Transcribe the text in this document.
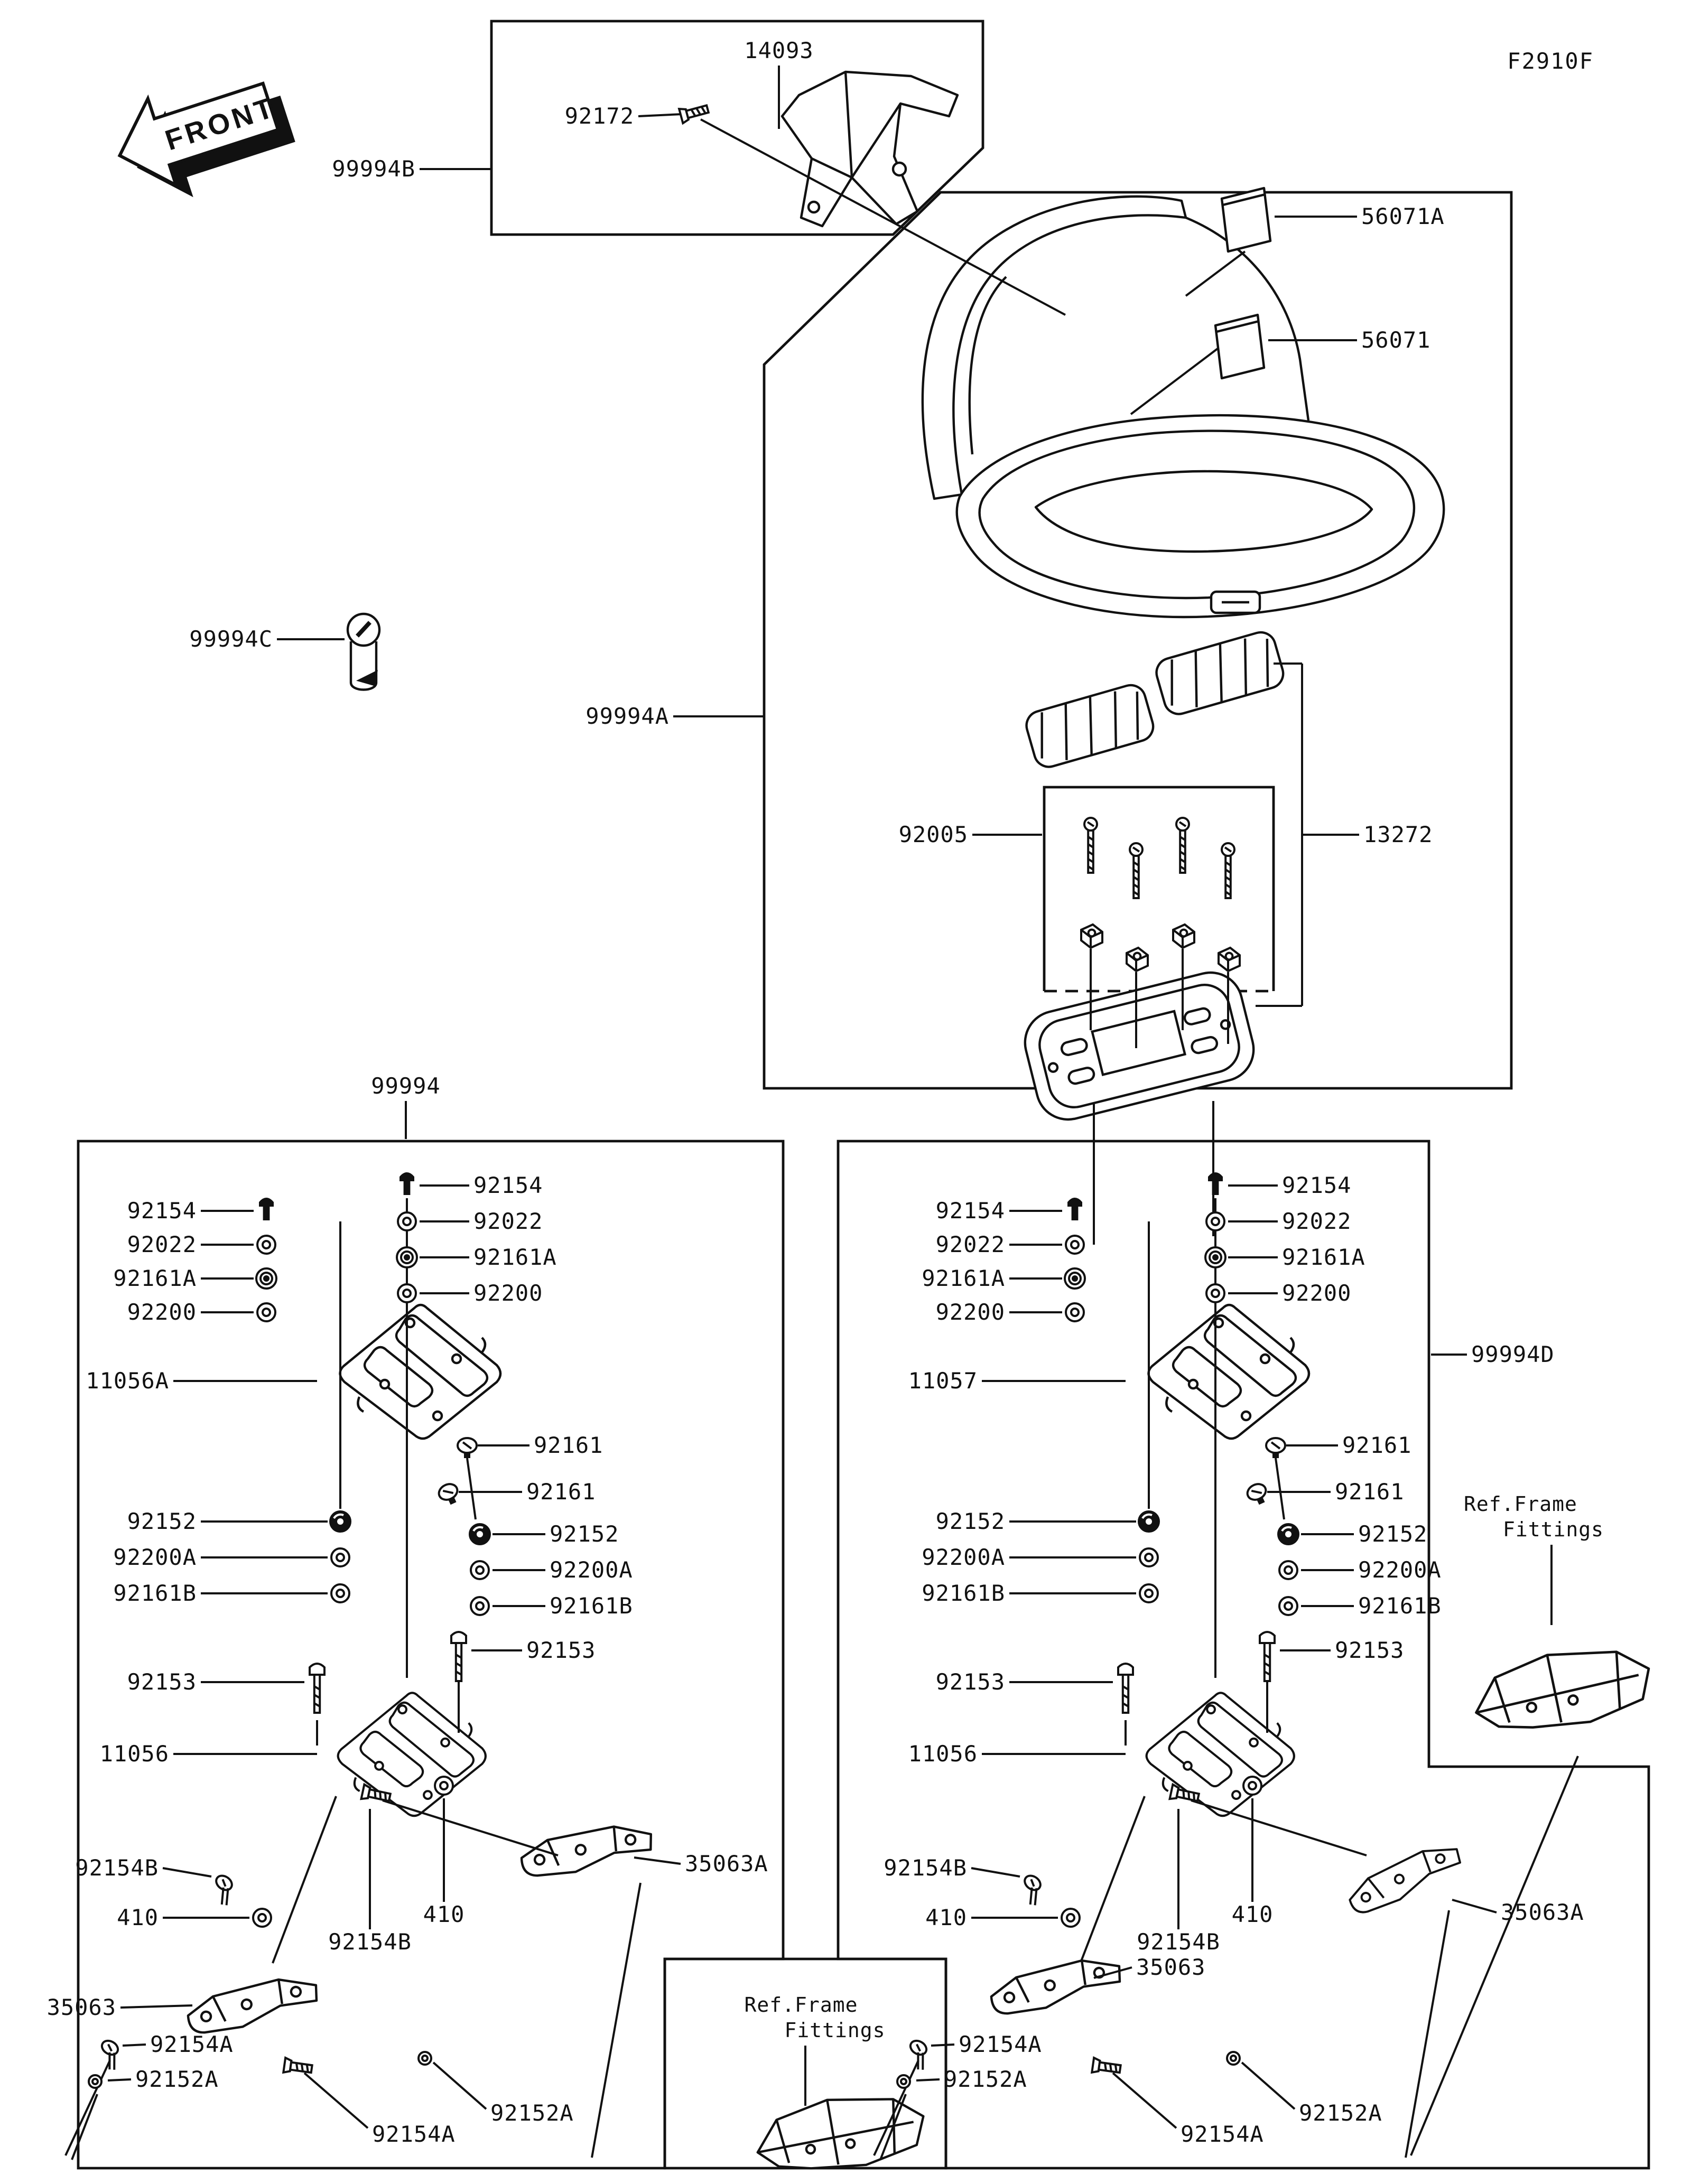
FRONT
F2910F
14093
92172
99994B
56071A
56071
99994C
99994A
92005	13272
99994
99994D
92154
92022
92161A
92200
92154
92022
92161A
92200
11056A
92161
92161
92152
92200A
92161B
92152
92200A
92161B
92153
92153
11056
92154B
410
35063
92154B
410
35063A
92154A
92152A
92154A
92152A
92154
92022
92161A
92200
92154
92022
92161A
92200
11057
92161
92161
92152
92200A
92161B
92152
92200A
92161B
92153
92153
11056
92154B
410
35063
92154B
410	35063A
92154A
92152A
92154A
92152A
Ref.Frame
Fittings
Ref.Frame
Fittings
